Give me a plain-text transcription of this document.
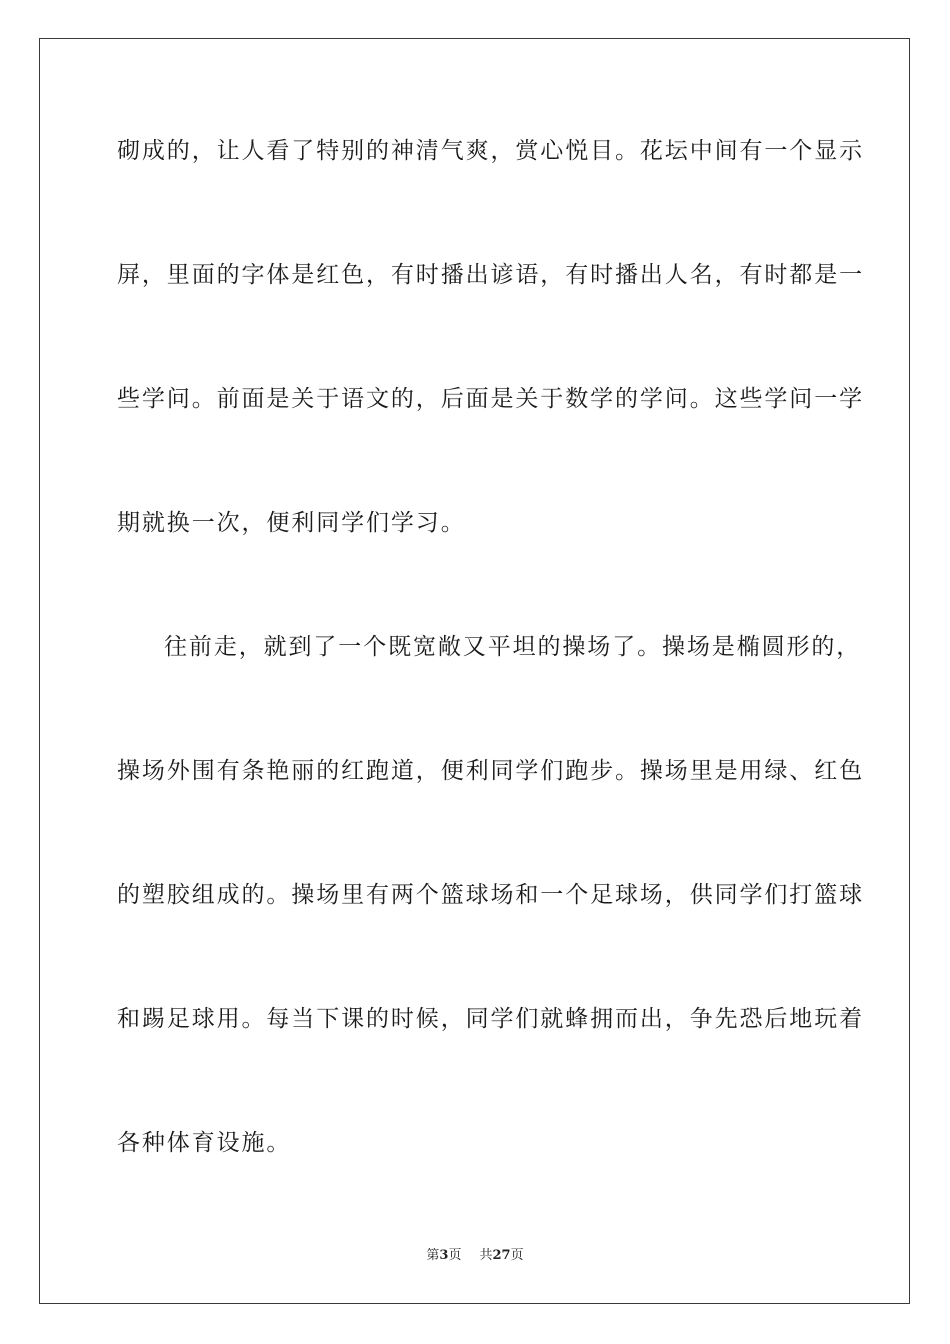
砌成的，让人看了特别的神清气爽，赏心悦目。花坛中间有一个显示
屏，里面的字体是红色，有时播出谚语，有时播出人名，有时都是一
些学问。前面是关于语文的，后面是关于数学的学问。这些学问一学
期就换一次，便利同学们学习。
往前走，就到了一个既宽敞又平坦的操场了。操场是椭圆形的，
操场外围有条艳丽的红跑道，便利同学们跑步。操场里是用绿、红色
的塑胶组成的。操场里有两个篮球场和一个足球场，供同学们打篮球
和踢足球用。每当下课的时候，同学们就蜂拥而出，争先恐后地玩着
各种体育设施。
第3页 共27页
